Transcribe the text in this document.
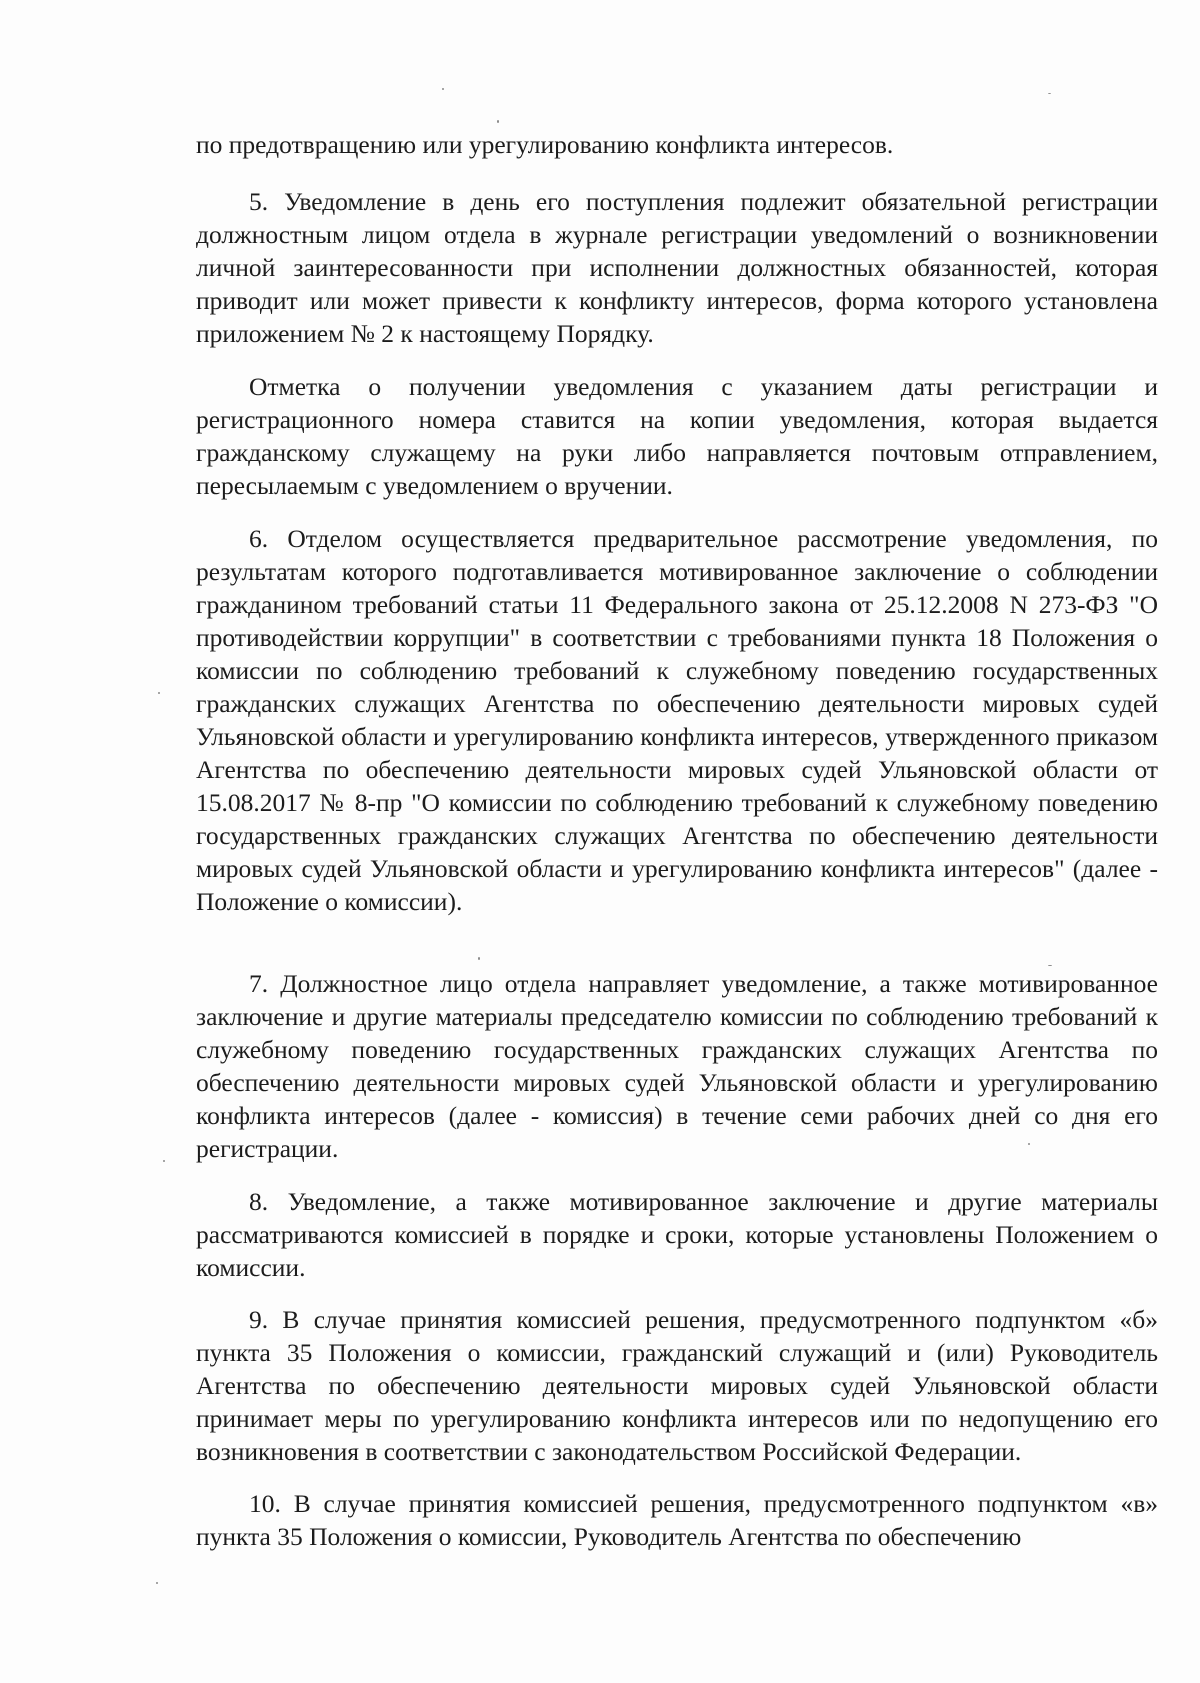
по предотвращению или урегулированию конфликта интересов.

5. Уведомление в день его поступления подлежит обязательной регистрации должностным лицом отдела в журнале регистрации уведомлений о возникновении личной заинтересованности при исполнении должностных обязанностей, которая приводит или может привести к конфликту интересов, форма которого установлена приложением № 2 к настоящему Порядку.

Отметка о получении уведомления с указанием даты регистрации и регистрационного номера ставится на копии уведомления, которая выдается гражданскому служащему на руки либо направляется почтовым отправлением, пересылаемым с уведомлением о вручении.

6. Отделом осуществляется предварительное рассмотрение уведомления, по результатам которого подготавливается мотивированное заключение о соблюдении гражданином требований статьи 11 Федерального закона от 25.12.2008 N 273-ФЗ "О противодействии коррупции" в соответствии с требованиями пункта 18 Положения о комиссии по соблюдению требований к служебному поведению государственных гражданских служащих Агентства по обеспечению деятельности мировых судей Ульяновской области и урегулированию конфликта интересов, утвержденного приказом Агентства по обеспечению деятельности мировых судей Ульяновской области от 15.08.2017 № 8-пр "О комиссии по соблюдению требований к служебному поведению государственных гражданских служащих Агентства по обеспечению деятельности мировых судей Ульяновской области и урегулированию конфликта интересов" (далее - Положение о комиссии).

7. Должностное лицо отдела направляет уведомление, а также мотивированное заключение и другие материалы председателю комиссии по соблюдению требований к служебному поведению государственных гражданских служащих Агентства по обеспечению деятельности мировых судей Ульяновской области и урегулированию конфликта интересов (далее - комиссия) в течение семи рабочих дней со дня его регистрации.

8. Уведомление, а также мотивированное заключение и другие материалы рассматриваются комиссией в порядке и сроки, которые установлены Положением о комиссии.

9. В случае принятия комиссией решения, предусмотренного подпунктом «б» пункта 35 Положения о комиссии, гражданский служащий и (или) Руководитель Агентства по обеспечению деятельности мировых судей Ульяновской области принимает меры по урегулированию конфликта интересов или по недопущению его возникновения в соответствии с законодательством Российской Федерации.

10. В случае принятия комиссией решения, предусмотренного подпунктом «в» пункта 35 Положения о комиссии, Руководитель Агентства по обеспечению
